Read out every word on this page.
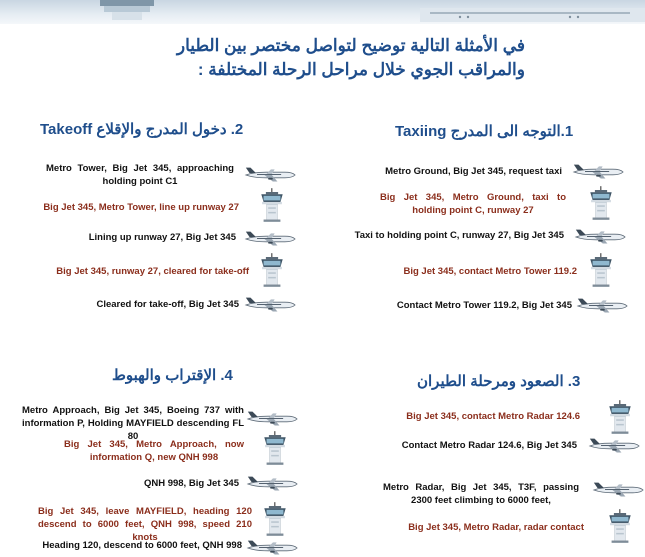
في الأمثلة التالية توضيح لتواصل مختصر بين الطيار
والمراقب الجوي خلال مراحل الرحلة المختلفة :
1.التوجه الى المدرج Taxiing
2. دخول المدرج والإقلاع Takeoff
3. الصعود ومرحلة الطيران
4. الإقتراب والهبوط
Metro Ground, Big Jet 345, request taxi
Big Jet 345, Metro Ground, taxi to holding point C, runway 27
Taxi to holding point C, runway 27, Big Jet 345
Big Jet 345, contact Metro Tower 119.2
Contact Metro Tower 119.2, Big Jet 345
Metro Tower, Big Jet 345, approaching holding point C1
Big Jet 345, Metro Tower, line up runway 27
Lining up runway 27, Big Jet 345
Big Jet 345, runway 27, cleared for take-off
Cleared for take-off, Big Jet 345
Big Jet 345, contact Metro Radar 124.6
Contact Metro Radar 124.6, Big Jet 345
Metro Radar, Big Jet 345, T3F, passing 2300 feet climbing to 6000 feet,
Big Jet 345, Metro Radar, radar contact
Metro Approach, Big Jet 345, Boeing 737 with information P, Holding MAYFIELD descending FL 80
Big Jet 345, Metro Approach, now information Q, new QNH 998
QNH 998, Big Jet 345
Big Jet 345, leave MAYFIELD, heading 120 descend to 6000 feet, QNH 998, speed 210 knots
Heading 120, descend to 6000 feet, QNH 998
